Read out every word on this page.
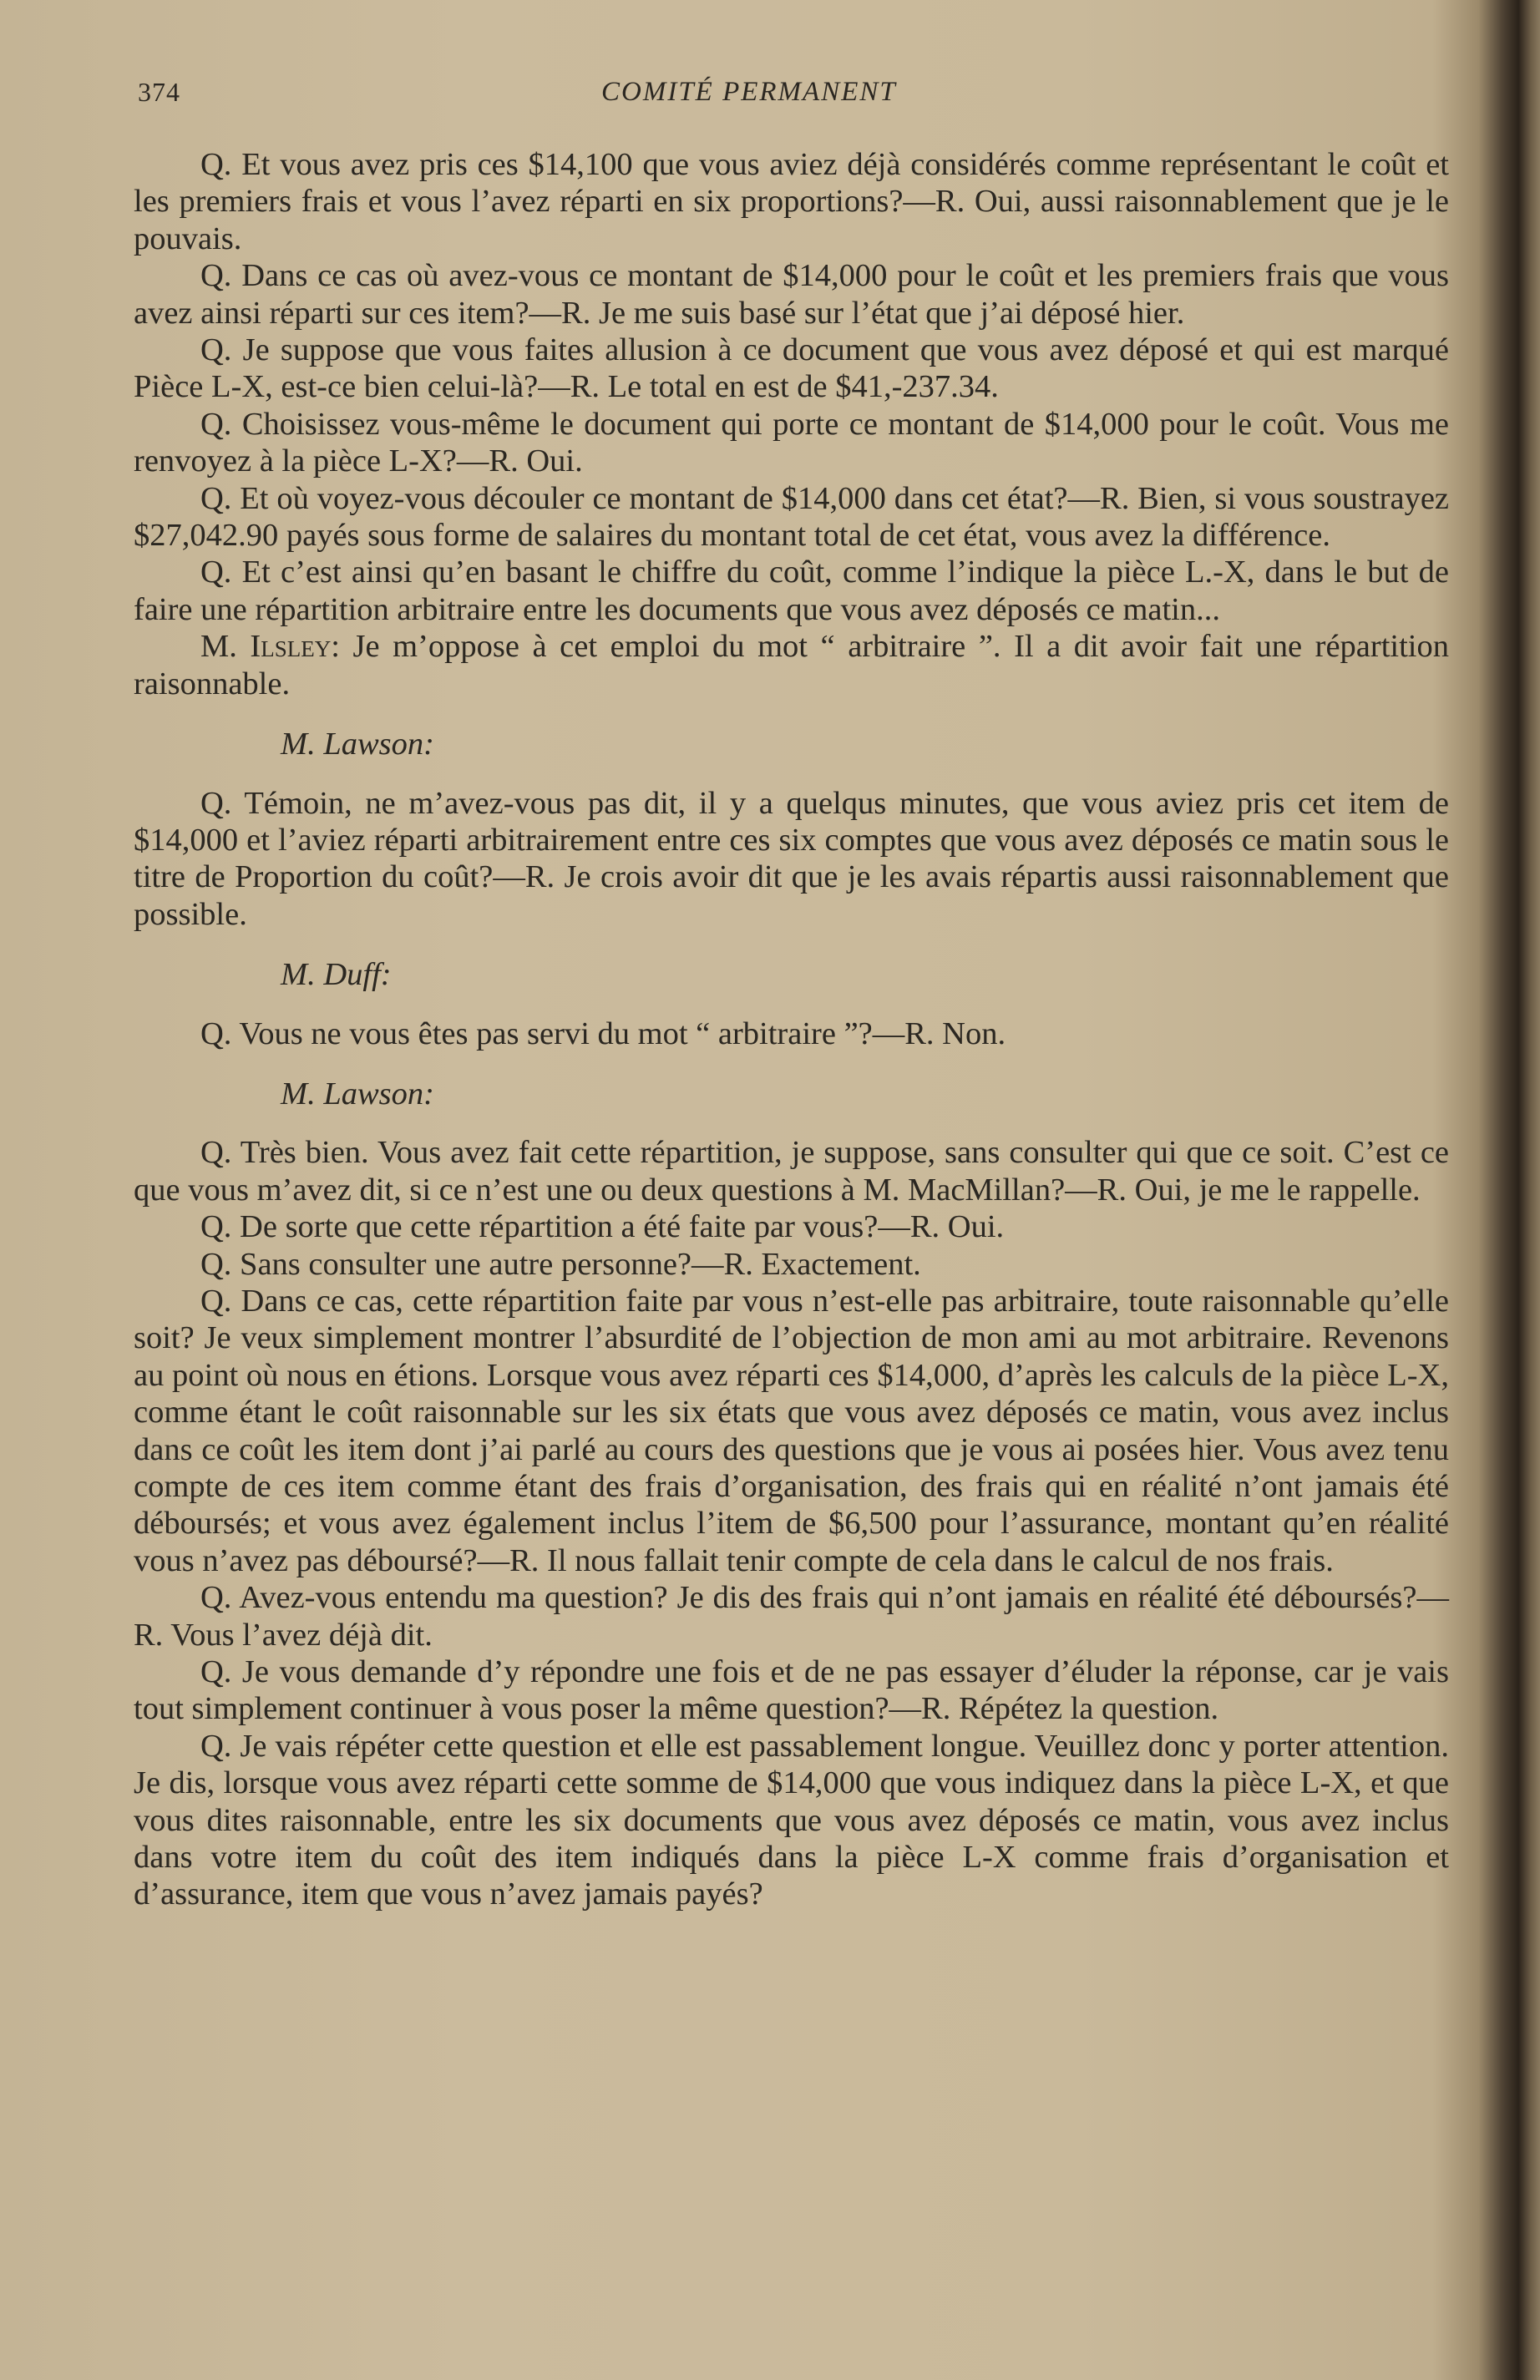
374	COMITÉ PERMANENT

Q. Et vous avez pris ces $14,100 que vous aviez déjà considérés comme représentant le coût et les premiers frais et vous l’avez réparti en six proportions?—R. Oui, aussi raisonnablement que je le pouvais.

Q. Dans ce cas où avez-vous ce montant de $14,000 pour le coût et les premiers frais que vous avez ainsi réparti sur ces item?—R. Je me suis basé sur l’état que j’ai déposé hier.

Q. Je suppose que vous faites allusion à ce document que vous avez déposé et qui est marqué Pièce L-X, est-ce bien celui-là?—R. Le total en est de $41,-237.34.

Q. Choisissez vous-même le document qui porte ce montant de $14,000 pour le coût. Vous me renvoyez à la pièce L-X?—R. Oui.

Q. Et où voyez-vous découler ce montant de $14,000 dans cet état?—R. Bien, si vous soustrayez $27,042.90 payés sous forme de salaires du montant total de cet état, vous avez la différence.

Q. Et c’est ainsi qu’en basant le chiffre du coût, comme l’indique la pièce L.-X, dans le but de faire une répartition arbitraire entre les documents que vous avez déposés ce matin...

M. Ilsley: Je m’oppose à cet emploi du mot “ arbitraire ”. Il a dit avoir fait une répartition raisonnable.

M. Lawson:

Q. Témoin, ne m’avez-vous pas dit, il y a quelqus minutes, que vous aviez pris cet item de $14,000 et l’aviez réparti arbitrairement entre ces six comptes que vous avez déposés ce matin sous le titre de Proportion du coût?—R. Je crois avoir dit que je les avais répartis aussi raisonnablement que possible.

M. Duff:

Q. Vous ne vous êtes pas servi du mot “ arbitraire ”?—R. Non.

M. Lawson:

Q. Très bien. Vous avez fait cette répartition, je suppose, sans consulter qui que ce soit. C’est ce que vous m’avez dit, si ce n’est une ou deux questions à M. MacMillan?—R. Oui, je me le rappelle.

Q. De sorte que cette répartition a été faite par vous?—R. Oui.

Q. Sans consulter une autre personne?—R. Exactement.

Q. Dans ce cas, cette répartition faite par vous n’est-elle pas arbitraire, toute raisonnable qu’elle soit? Je veux simplement montrer l’absurdité de l’objection de mon ami au mot arbitraire. Revenons au point où nous en étions. Lorsque vous avez réparti ces $14,000, d’après les calculs de la pièce L-X, comme étant le coût raisonnable sur les six états que vous avez déposés ce matin, vous avez inclus dans ce coût les item dont j’ai parlé au cours des questions que je vous ai posées hier. Vous avez tenu compte de ces item comme étant des frais d’organisation, des frais qui en réalité n’ont jamais été déboursés; et vous avez également inclus l’item de $6,500 pour l’assurance, montant qu’en réalité vous n’avez pas déboursé?—R. Il nous fallait tenir compte de cela dans le calcul de nos frais.

Q. Avez-vous entendu ma question? Je dis des frais qui n’ont jamais en réalité été déboursés?—R. Vous l’avez déjà dit.

Q. Je vous demande d’y répondre une fois et de ne pas essayer d’éluder la réponse, car je vais tout simplement continuer à vous poser la même question?—R. Répétez la question.

Q. Je vais répéter cette question et elle est passablement longue. Veuillez donc y porter attention. Je dis, lorsque vous avez réparti cette somme de $14,000 que vous indiquez dans la pièce L-X, et que vous dites raisonnable, entre les six documents que vous avez déposés ce matin, vous avez inclus dans votre item du coût des item indiqués dans la pièce L-X comme frais d’organisation et d’assurance, item que vous n’avez jamais payés?
